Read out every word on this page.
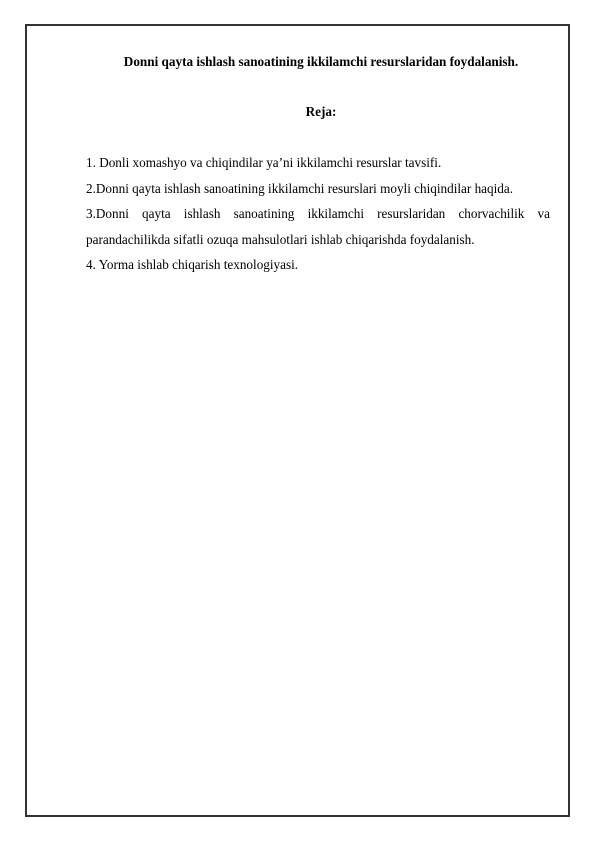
Donni qayta ishlash sanoatining ikkilamchi resurslaridan foydalanish.
Reja:
1. Donli xomashyo va chiqindilar ya’ni ikkilamchi resurslar tavsifi.
2.Donni qayta ishlash sanoatining ikkilamchi resurslari moyli chiqindilar haqida.
3.Donni qayta ishlash sanoatining ikkilamchi resurslaridan chorvachilik va parandachilikda sifatli ozuqa mahsulotlari ishlab chiqarishda foydalanish.
4. Yorma ishlab chiqarish texnologiyasi.
